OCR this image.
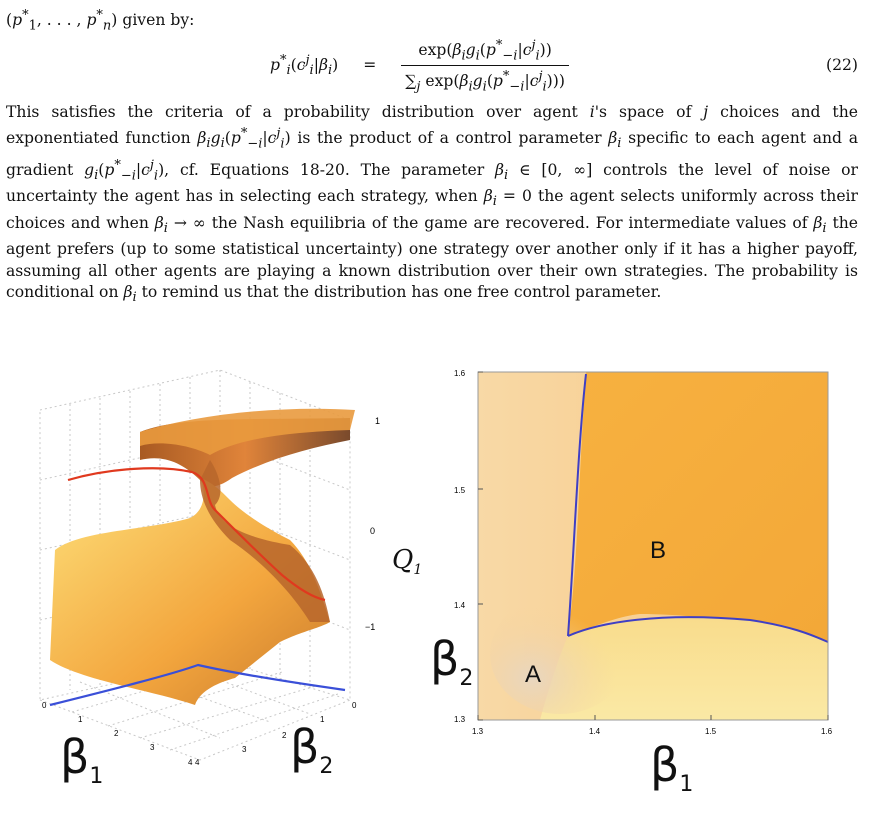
($p^*_1$, . . . , $p^*_n$) given by:
$p^*_i(c^j_i|\beta_i) = \frac{\exp(\beta_ig_i(p^*_{-i}|c^j_i))}{\sum_j \exp(\beta_ig_i(p^*_{-i}|c^j_i)))}$	(22)
This satisfies the criteria of a probability distribution over agent i's space of j choices and the exponentiated function $\beta_ig_i(p^*_{-i}|c^j_i)$ is the product of a control parameter $\beta_i$ specific to each agent and a gradient $g_i(p^*_{-i}|c^j_i)$, cf. Equations 18-20. The parameter $\beta_i$ ∈ [0, ∞] controls the level of noise or uncertainty the agent has in selecting each strategy, when $\beta_i = 0$ the agent selects uniformly across their choices and when $\beta_i$ → ∞ the Nash equilibria of the game are recovered. For intermediate values of $\beta_i$ the agent prefers (up to some statistical uncertainty) one strategy over another only if it has a higher payoff, assuming all other agents are playing a known distribution over their own strategies. The probability is conditional on $\beta_i$ to remind us that the distribution has one free control parameter.
1
0
−1
0
1
2
3
4 4
3
2
1
0
$\beta_1$
$\beta_2$
$Q_1$
1.6
1.5
1.4
1.3
1.3	1.4	1.5	1.6
B
A
$\beta_2$
$\beta_1$
